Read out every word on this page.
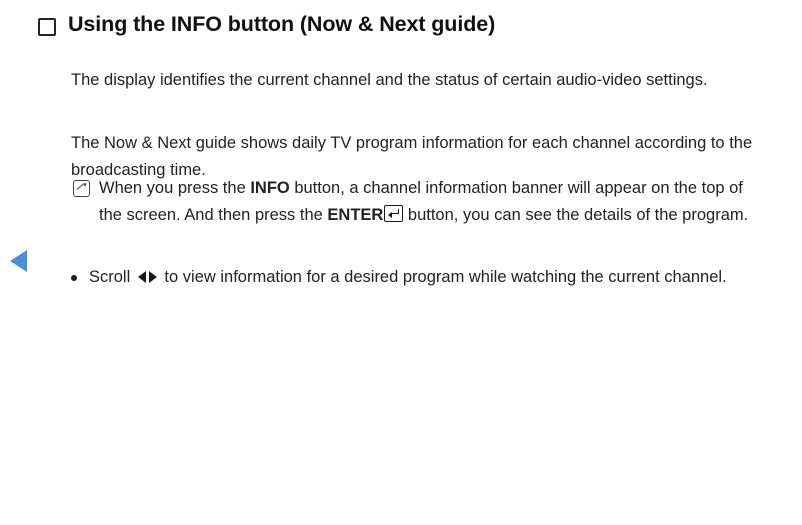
Using the INFO button (Now & Next guide)

The display identifies the current channel and the status of certain audio-video settings.

The Now & Next guide shows daily TV program information for each channel according to the broadcasting time.

When you press the INFO button, a channel information banner will appear on the top of the screen. And then press the ENTER button, you can see the details of the program.
Scroll  to view information for a desired program while watching the current channel.
